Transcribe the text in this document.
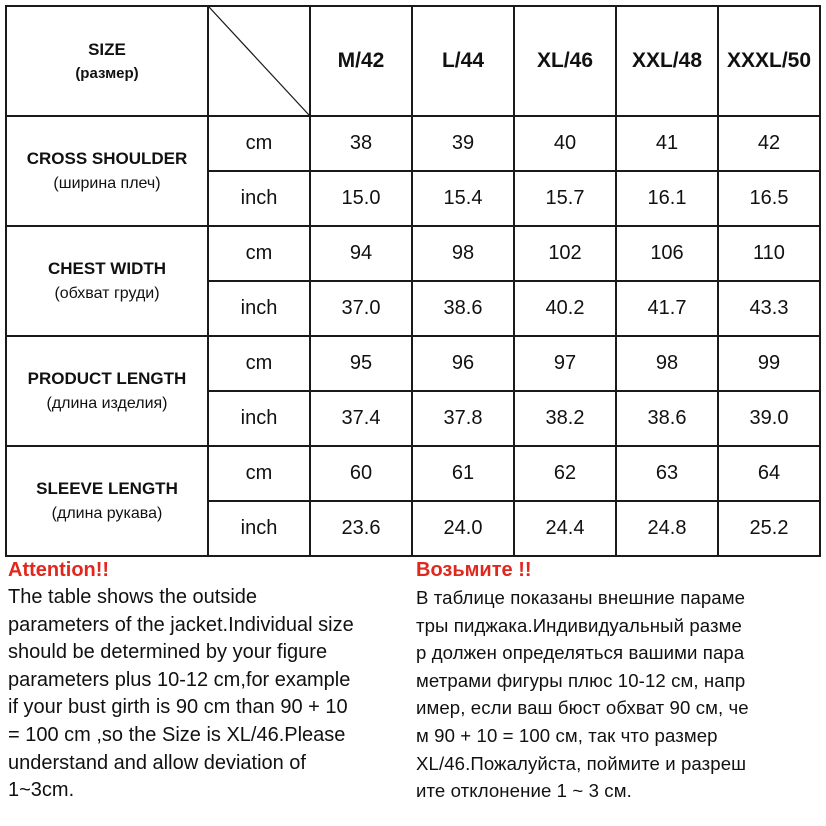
SIZE
(размер)		M/42	L/44	XL/46	XXL/48	XXXL/50

CROSS SHOULDER
(ширина плеч)	cm	38	39	40	41	42
	inch	15.0	15.4	15.7	16.1	16.5

CHEST WIDTH
(обхват груди)	cm	94	98	102	106	110
	inch	37.0	38.6	40.2	41.7	43.3

PRODUCT LENGTH
(длина изделия)	cm	95	96	97	98	99
	inch	37.4	37.8	38.2	38.6	39.0

SLEEVE LENGTH
(длина рукава)	cm	60	61	62	63	64
	inch	23.6	24.0	24.4	24.8	25.2
Attention!!
The table shows the outside
parameters of the jacket.Individual size
should be determined by your figure
parameters plus 10-12 cm,for example
if your bust girth is 90 cm than 90 + 10
= 100 cm ,so the Size is XL/46.Please
understand and allow deviation of
1~3cm.
Возьмите !!
В таблице показаны внешние параме
тры пиджака.Индивидуальный разме
р должен определяться вашими пара
метрами фигуры плюс 10-12 см, напр
имер, если ваш бюст обхват 90 см, че
м 90 + 10 = 100 см, так что размер
XL/46.Пожалуйста, поймите и разреш
ите отклонение 1 ~ 3 см.
